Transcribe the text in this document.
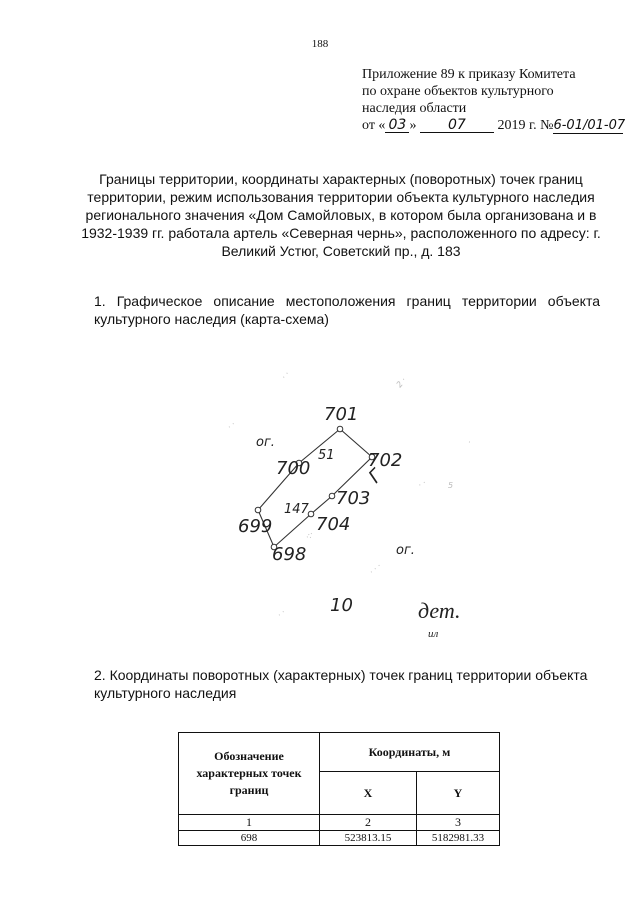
188
Приложение 89 к приказу Комитета
по охране объектов культурного
наследия области
от « 03 » 07 2019 г. №6-01/01-07
Границы территории, координаты характерных (поворотных) точек границ территории, режим использования территории объекта культурного наследия регионального значения «Дом Самойловых, в котором была организована и в 1932-1939 гг. работала артель «Северная чернь», расположенного по адресу: г. Великий Устюг, Советский пр., д. 183
1. Графическое описание местоположения границ территории объекта
культурного наследия (карта-схема)
· ·
2 ·
· ·
·
· ·	5
·:·
· · ·
· ·
701
702
703
704
698
699
700
51
147
ог.
ог.
Г
10	дет.
ил
2. Координаты поворотных (характерных) точек границ территории объекта культурного наследия
Обозначение характерных точек границ	Координаты, м	
	X	Y
1	2	3
698	523813.15	5182981.33
